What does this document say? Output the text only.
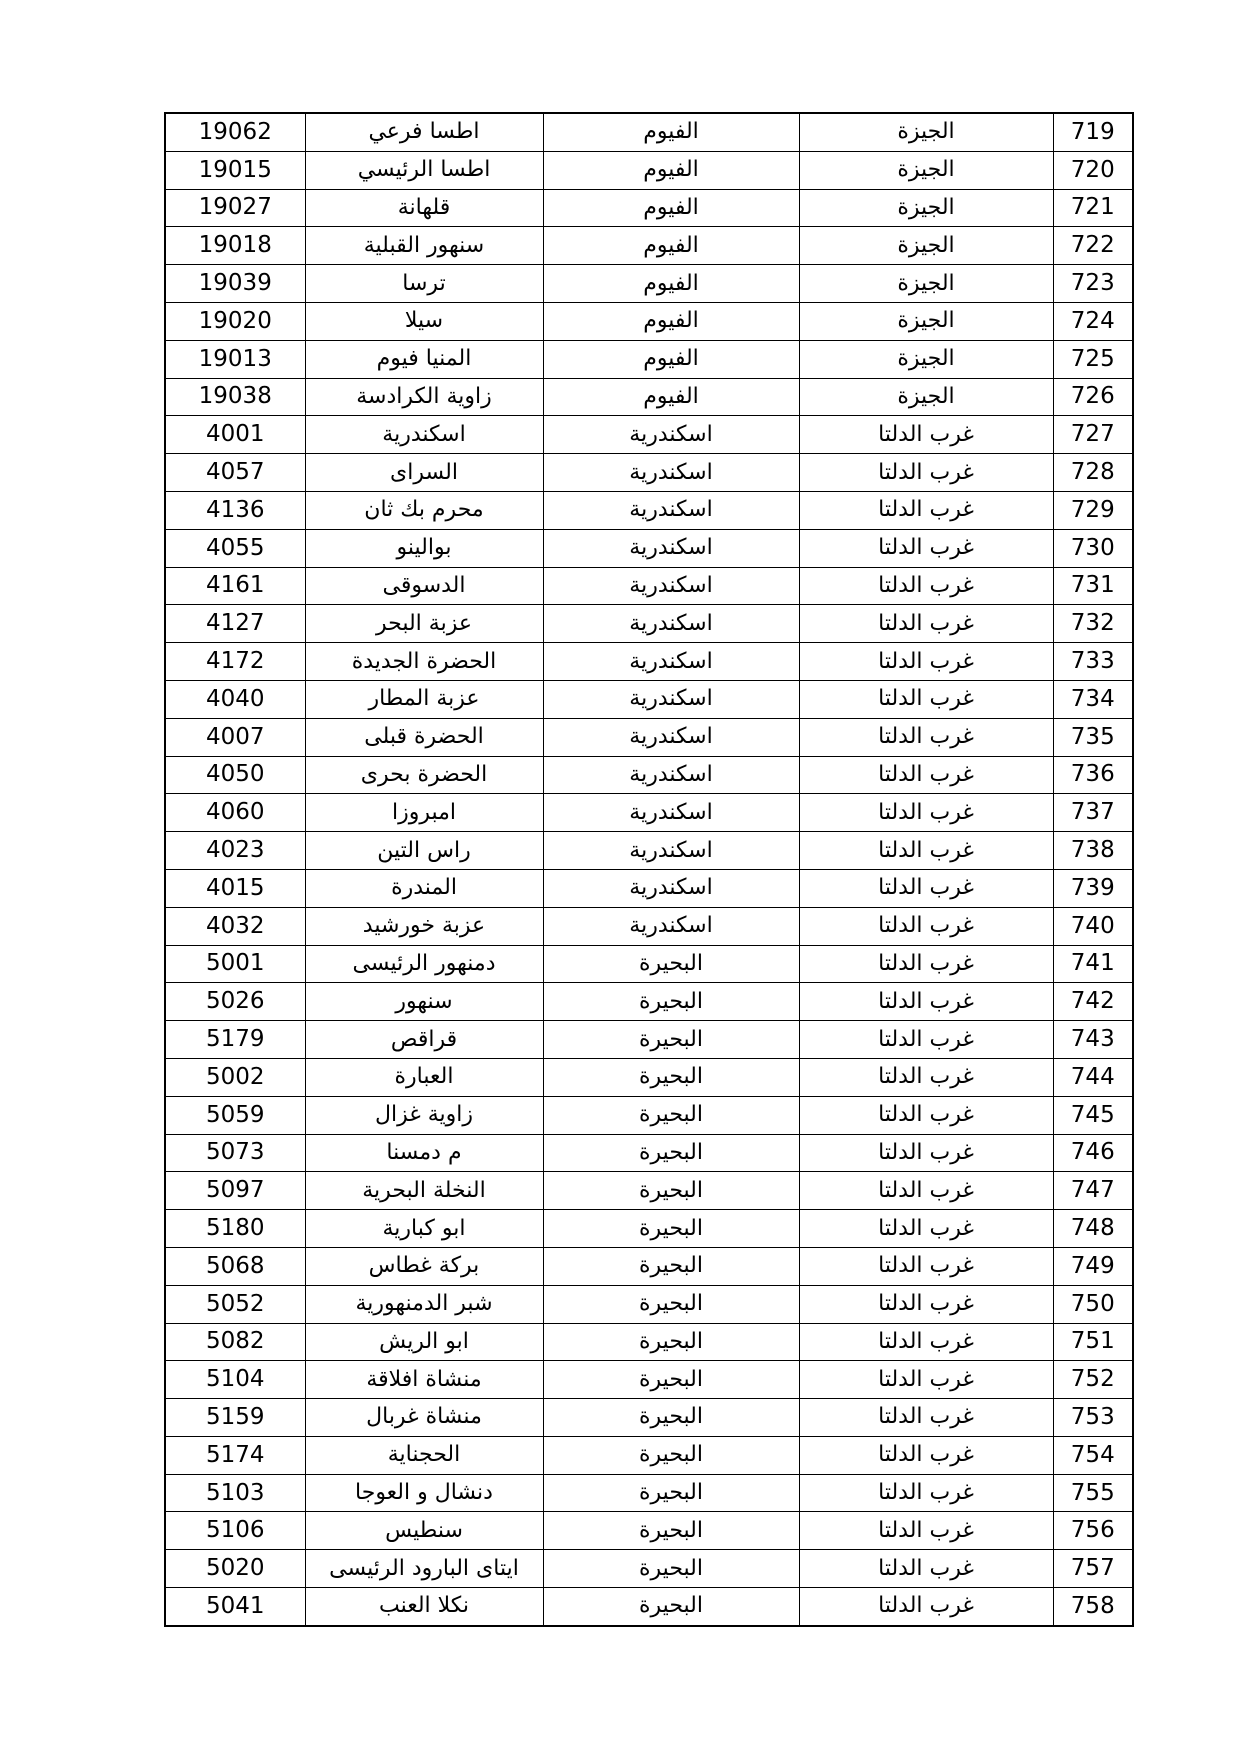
19062	اطسا فرعي	الفيوم	الجيزة	719
19015	اطسا الرئيسي	الفيوم	الجيزة	720
19027	قلهانة	الفيوم	الجيزة	721
19018	سنهور القبلية	الفيوم	الجيزة	722
19039	ترسا	الفيوم	الجيزة	723
19020	سيلا	الفيوم	الجيزة	724
19013	المنيا فيوم	الفيوم	الجيزة	725
19038	زاوية الكرادسة	الفيوم	الجيزة	726
4001	اسكندرية	اسكندرية	غرب الدلتا	727
4057	السراى	اسكندرية	غرب الدلتا	728
4136	محرم بك ثان	اسكندرية	غرب الدلتا	729
4055	بوالينو	اسكندرية	غرب الدلتا	730
4161	الدسوقى	اسكندرية	غرب الدلتا	731
4127	عزبة البحر	اسكندرية	غرب الدلتا	732
4172	الحضرة الجديدة	اسكندرية	غرب الدلتا	733
4040	عزبة المطار	اسكندرية	غرب الدلتا	734
4007	الحضرة قبلى	اسكندرية	غرب الدلتا	735
4050	الحضرة بحرى	اسكندرية	غرب الدلتا	736
4060	امبروزا	اسكندرية	غرب الدلتا	737
4023	راس التين	اسكندرية	غرب الدلتا	738
4015	المندرة	اسكندرية	غرب الدلتا	739
4032	عزبة خورشيد	اسكندرية	غرب الدلتا	740
5001	دمنهور الرئيسى	البحيرة	غرب الدلتا	741
5026	سنهور	البحيرة	غرب الدلتا	742
5179	قراقص	البحيرة	غرب الدلتا	743
5002	العبارة	البحيرة	غرب الدلتا	744
5059	زاوية غزال	البحيرة	غرب الدلتا	745
5073	م دمسنا	البحيرة	غرب الدلتا	746
5097	النخلة البحرية	البحيرة	غرب الدلتا	747
5180	ابو كبارية	البحيرة	غرب الدلتا	748
5068	بركة غطاس	البحيرة	غرب الدلتا	749
5052	شبر الدمنهورية	البحيرة	غرب الدلتا	750
5082	ابو الريش	البحيرة	غرب الدلتا	751
5104	منشاة افلاقة	البحيرة	غرب الدلتا	752
5159	منشاة غربال	البحيرة	غرب الدلتا	753
5174	الحجناية	البحيرة	غرب الدلتا	754
5103	دنشال و العوجا	البحيرة	غرب الدلتا	755
5106	سنطيس	البحيرة	غرب الدلتا	756
5020	ايتاى البارود الرئيسى	البحيرة	غرب الدلتا	757
5041	نكلا العنب	البحيرة	غرب الدلتا	758
